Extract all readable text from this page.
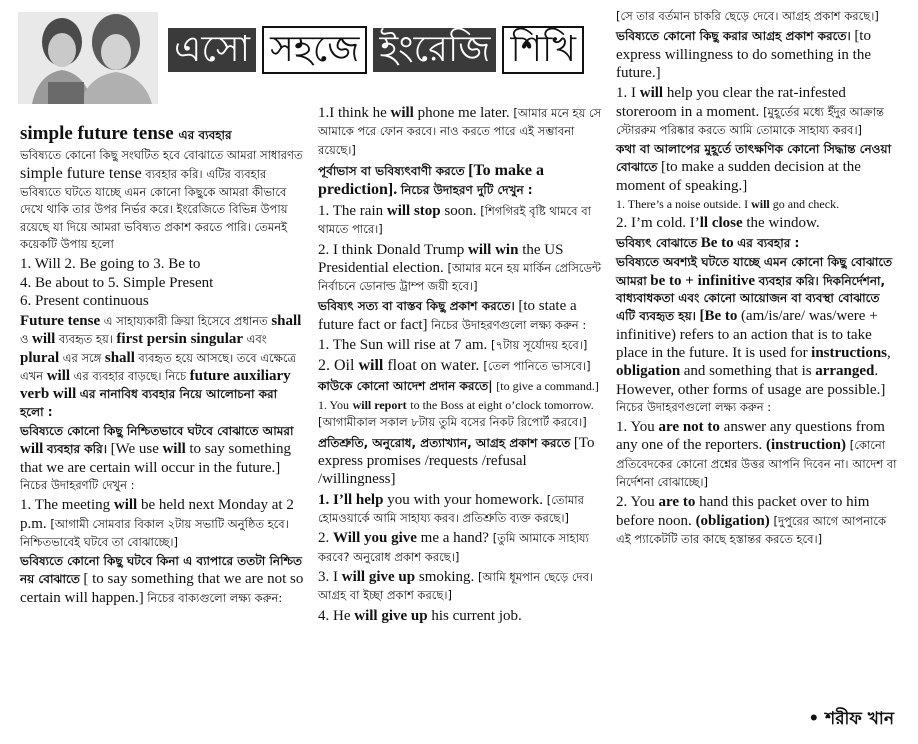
এসো সহজে ইংরেজি শিখি

simple future tense এর ব্যবহার

ভবিষ্যতে কোনো কিছু সংঘটিত হবে বোঝাতে আমরা সাধারণত simple future tense ব্যবহার করি। এটির ব্যবহার ভবিষ্যতে ঘটতে যাচ্ছে এমন কোনো কিছুকে আমরা কীভাবে দেখে থাকি তার উপর নির্ভর করে। ইংরেজিতে বিভিন্ন উপায় রয়েছে যা দিয়ে আমরা ভবিষ্যত প্রকাশ করতে পারি। তেমনই কয়েকটি উপায় হলো

1. Will 2. Be going to 3. Be to
4. Be about to 5. Simple Present
6. Present continuous

Future tense এ সাহায্যকারী ক্রিয়া হিসেবে প্রধানত shall ও will ব্যবহৃত হয়। first persin singular এবং plural এর সঙ্গে shall ব্যবহৃত হয়ে আসছে। তবে এক্ষেত্রে এখন will এর ব্যবহার বাড়ছে। নিচে future auxiliary verb will এর নানাবিধ ব্যবহার নিয়ে আলোচনা করা হলো :

ভবিষ্যতে কোনো কিছু নিশ্চিতভাবে ঘটবে বোঝাতে আমরা will ব্যবহার করি। [We use will to say something that we are certain will occur in the future.] নিচের উদাহরণটি দেখুন :

1. The meeting will be held next Monday at 2 p.m. [আগামী সোমবার বিকাল ২টায় সভাটি অনুষ্ঠিত হবে। নিশ্চিতভাবেই ঘটবে তা বোঝাচ্ছে।]

ভবিষ্যতে কোনো কিছু ঘটবে কিনা এ ব্যাপারে ততটা নিশ্চিত নয় বোঝাতে [ to say something that we are not so certain will happen.] নিচের বাক্যগুলো লক্ষ্য করুন:

1.I think he will phone me later. [আমার মনে হয় সে আমাকে পরে ফোন করবে। নাও করতে পারে এই সম্ভাবনা রয়েছে।]

পূর্বাভাস বা ভবিষ্যৎবাণী করতে [To make a prediction]. নিচের উদাহরণ দুটি দেখুন :

1. The rain will stop soon. [শিগগিরই বৃষ্টি থামবে বা থামতে পারে।]

2. I think Donald Trump will win the US Presidential election. [আমার মনে হয় মার্কিন প্রেসিডেন্ট নির্বাচনে ডোনাল্ড ট্রাম্প জয়ী হবে।]

ভবিষ্যৎ সত্য বা বাস্তব কিছু প্রকাশ করতে। [to state a future fact or fact] নিচের উদাহরণগুলো লক্ষ্য করুন :

1. The Sun will rise at 7 am. [৭টায় সূর্যোদয় হবে।]

2. Oil will float on water. [তেল পানিতে ভাসবে।]

কাউকে কোনো আদেশ প্রদান করতে| [to give a command.]

1. You will report to the Boss at eight o’clock tomorrow. [আগামীকাল সকাল ৮টায় তুমি বসের নিকট রিপোর্ট করবে।]

প্রতিশ্রুতি, অনুরোধ, প্রত্যাখ্যান, আগ্রহ প্রকাশ করতে [To express promises /requests /refusal /willingness]

1. I’ll help you with your homework. [তোমার হোমওয়ার্কে আমি সাহায্য করব। প্রতিশ্রুতি ব্যক্ত করছে।]

2. Will you give me a hand? [তুমি আমাকে সাহায্য করবে? অনুরোধ প্রকাশ করছে।]

3. I will give up smoking. [আমি ধূমপান ছেড়ে দেব। আগ্রহ বা ইচ্ছা প্রকাশ করছে।]

4. He will give up his current job.

[সে তার বর্তমান চাকরি ছেড়ে দেবে। আগ্রহ প্রকাশ করছে।]

ভবিষ্যতে কোনো কিছু করার আগ্রহ প্রকাশ করতে। [to express willingness to do something in the future.]

1. I will help you clear the rat-infested storeroom in a moment. [মুহূর্তের মধ্যে ইঁদুর আক্রান্ত স্টোররুম পরিষ্কার করতে আমি তোমাকে সাহায্য করব।]

কথা বা আলাপের মুহূর্তে তাৎক্ষণিক কোনো সিদ্ধান্ত নেওয়া বোঝাতে [to make a sudden decision at the moment of speaking.]

1. There’s a noise outside. I will go and check.

2. I’m cold. I’ll close the window.

ভবিষ্যৎ বোঝাতে Be to এর ব্যবহার :

ভবিষ্যতে অবশ্যই ঘটতে যাচ্ছে এমন কোনো কিছু বোঝাতে আমরা be to + infinitive ব্যবহার করি। দিকনির্দেশনা, বাধ্যবাধকতা এবং কোনো আয়োজন বা ব্যবস্থা বোঝাতে এটি ব্যবহৃত হয়। [Be to (am/is/are/ was/were + infinitive) refers to an action that is to take place in the future. It is used for instructions, obligation and something that is arranged. However, other forms of usage are possible.] নিচের উদাহরণগুলো লক্ষ্য করুন :

1. You are not to answer any questions from any one of the reporters. (instruction) [কোনো প্রতিবেদকের কোনো প্রশ্নের উত্তর আপনি দিবেন না। আদেশ বা নির্দেশনা বোঝাচ্ছে।]

2. You are to hand this packet over to him before noon. (obligation) [দুপুরের আগে আপনাকে এই প্যাকেটটি তার কাছে হস্তান্তর করতে হবে।]

• শরীফ খান
